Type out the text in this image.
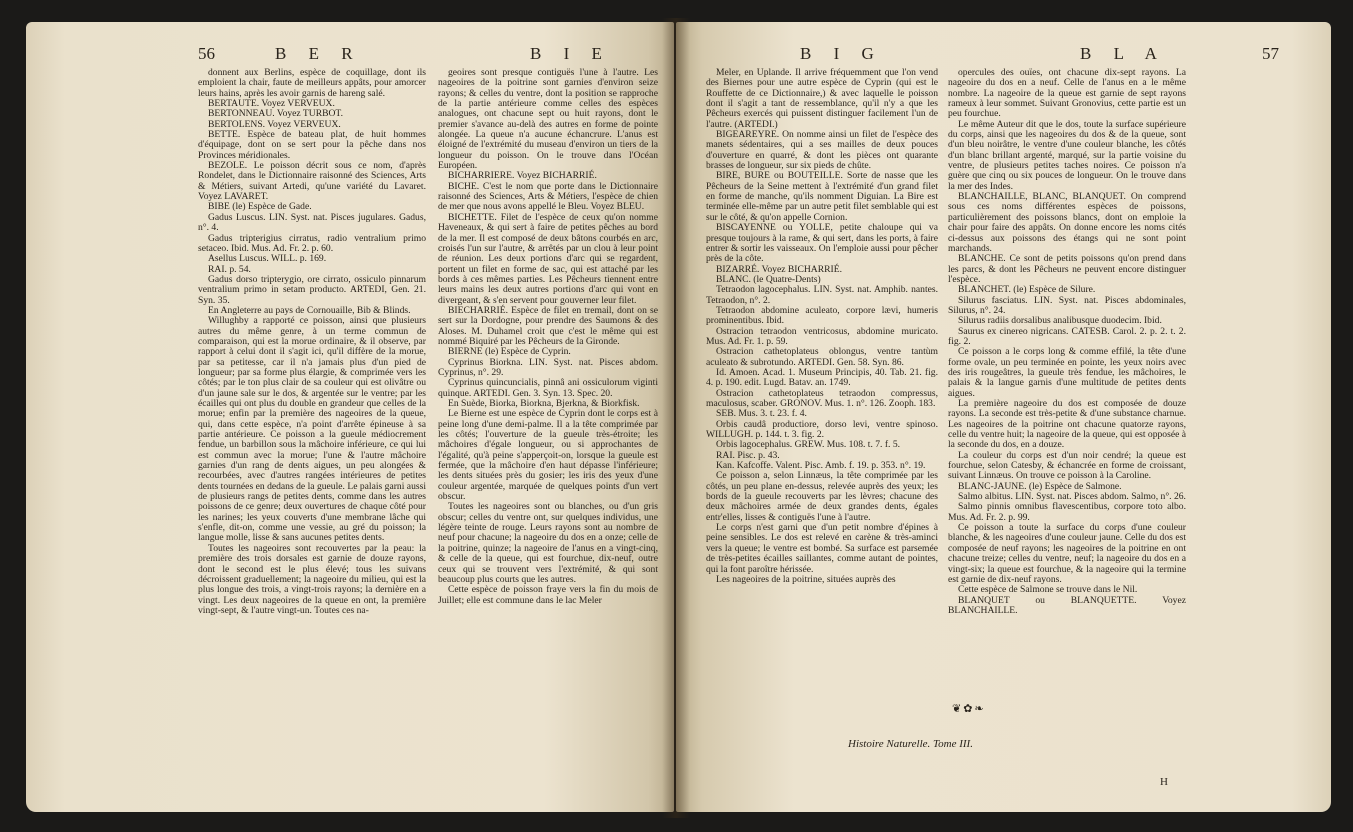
56	B E R	B I E

donnent aux Berlins, espèce de coquillage, dont ils emploient la chair, faute de meilleurs appâts, pour amorcer leurs hains, après les avoir garnis de hareng salé.

BERTAUTE. Voyez VERVEUX.

BERTONNEAU. Voyez TURBOT.

BERTOLENS. Voyez VERVEUX.

BETTE. Espèce de bateau plat, de huit hommes d'équipage, dont on se sert pour la pêche dans nos Provinces méridionales.

BEZOLE. Le poisson décrit sous ce nom, d'après Rondelet, dans le Dictionnaire raisonné des Sciences, Arts & Métiers, suivant Artedi, qu'une variété du Lavaret. Voyez LAVARET.

BIBE (le) Espèce de Gade.

Gadus Luscus. LIN. Syst. nat. Pisces jugulares. Gadus, n°. 4.

Gadus tripterigius cirratus, radio ventralium primo setaceo. Ibid. Mus. Ad. Fr. 2. p. 60.

Asellus Luscus. WILL. p. 169.

RAI. p. 54.

Gadus dorso tripterygio, ore cirrato, ossiculo pinnarum ventralium primo in setam producto. ARTEDI, Gen. 21. Syn. 35.

En Angleterre au pays de Cornouaille, Bib & Blinds.

Willughby a rapporté ce poisson, ainsi que plusieurs autres du même genre, à un terme commun de comparaison, qui est la morue ordinaire, & il observe, par rapport à celui dont il s'agit ici, qu'il diffère de la morue, par sa petitesse, car il n'a jamais plus d'un pied de longueur; par sa forme plus élargie, & comprimée vers les côtés; par le ton plus clair de sa couleur qui est olivâtre ou d'un jaune sale sur le dos, & argentée sur le ventre; par les écailles qui ont plus du double en grandeur que celles de la morue; enfin par la première des nageoires de la queue, qui, dans cette espèce, n'a point d'arrête épineuse à sa partie antérieure. Ce poisson a la gueule médiocrement fendue, un barbillon sous la mâchoire inférieure, ce qui lui est commun avec la morue; l'une & l'autre mâchoire garnies d'un rang de dents aigues, un peu alongées & recourbées, avec d'autres rangées intérieures de petites dents tournées en dedans de la gueule. Le palais garni aussi de plusieurs rangs de petites dents, comme dans les autres poissons de ce genre; deux ouvertures de chaque côté pour les narines; les yeux couverts d'une membrane lâche qui s'enfle, dit-on, comme une vessie, au gré du poisson; la langue molle, lisse & sans aucunes petites dents.

Toutes les nageoires sont recouvertes par la peau: la première des trois dorsales est garnie de douze rayons, dont le second est le plus élevé; tous les suivans décroissent graduellement; la nageoire du milieu, qui est la plus longue des trois, a vingt-trois rayons; la dernière en a vingt. Les deux nageoires de la queue en ont, la première vingt-sept, & l'autre vingt-un. Toutes ces na-

geoires sont presque contiguës l'une à l'autre. Les nageoires de la poitrine sont garnies d'environ seize rayons; & celles du ventre, dont la position se rapproche de la partie antérieure comme celles des espèces analogues, ont chacune sept ou huit rayons, dont le premier s'avance au-delà des autres en forme de pointe alongée. La queue n'a aucune échancrure. L'anus est éloigné de l'extrémité du museau d'environ un tiers de la longueur du poisson. On le trouve dans l'Océan Européen.

BICHARRIERE. Voyez BICHARRIÉ.

BICHE. C'est le nom que porte dans le Dictionnaire raisonné des Sciences, Arts & Métiers, l'espèce de chien de mer que nous avons appellé le Bleu. Voyez BLEU.

BICHETTE. Filet de l'espèce de ceux qu'on nomme Haveneaux, & qui sert à faire de petites pêches au bord de la mer. Il est composé de deux bâtons courbés en arc, croisés l'un sur l'autre, & arrêtés par un clou à leur point de réunion. Les deux portions d'arc qui se regardent, portent un filet en forme de sac, qui est attaché par les bords à ces mêmes parties. Les Pêcheurs tiennent entre leurs mains les deux autres portions d'arc qui vont en divergeant, & s'en servent pour gouverner leur filet.

BIECHARRIÉ. Espèce de filet en tremail, dont on se sert sur la Dordogne, pour prendre des Saumons & des Aloses. M. Duhamel croit que c'est le même qui est nommé Biquiré par les Pêcheurs de la Gironde.

BIERNE (le) Espèce de Cyprin.

Cyprinus Biorkna. LIN. Syst. nat. Pisces abdom. Cyprinus, n°. 29.

Cyprinus quincuncialis, pinnâ ani ossiculorum viginti quinque. ARTEDI. Gen. 3. Syn. 13. Spec. 20.

En Suède, Biorka, Biorkna, Bjerkna, & Biorkfisk.

Le Bierne est une espèce de Cyprin dont le corps est à peine long d'une demi-palme. Il a la tête comprimée par les côtés; l'ouverture de la gueule très-étroite; les mâchoires d'égale longueur, ou si approchantes de l'égalité, qu'à peine s'apperçoit-on, lorsque la gueule est fermée, que la mâchoire d'en haut dépasse l'inférieure; les dents situées près du gosier; les iris des yeux d'une couleur argentée, marquée de quelques points d'un vert obscur.

Toutes les nageoires sont ou blanches, ou d'un gris obscur; celles du ventre ont, sur quelques individus, une légère teinte de rouge. Leurs rayons sont au nombre de neuf pour chacune; la nageoire du dos en a onze; celle de la poitrine, quinze; la nageoire de l'anus en a vingt-cinq, & celle de la queue, qui est fourchue, dix-neuf, outre ceux qui se trouvent vers l'extrémité, & qui sont beaucoup plus courts que les autres.

Cette espèce de poisson fraye vers la fin du mois de Juillet; elle est commune dans le lac Meler

B I G	B L A	57

Meler, en Uplande. Il arrive fréquemment que l'on vend des Biernes pour une autre espèce de Cyprin (qui est le Rouffette de ce Dictionnaire,) & avec laquelle le poisson dont il s'agit a tant de ressemblance, qu'il n'y a que les Pêcheurs exercés qui puissent distinguer facilement l'un de l'autre. (ARTEDI.)

BIGEAREYRE. On nomme ainsi un filet de l'espèce des manets sédentaires, qui a ses mailles de deux pouces d'ouverture en quarré, & dont les pièces ont quarante brasses de longueur, sur six pieds de chûte.

BIRE, BURE ou BOUTEILLE. Sorte de nasse que les Pêcheurs de la Seine mettent à l'extrémité d'un grand filet en forme de manche, qu'ils nomment Diguian. La Bire est terminée elle-même par un autre petit filet semblable qui est sur le côté, & qu'on appelle Cornion.

BISCAYENNE ou YOLLE, petite chaloupe qui va presque toujours à la rame, & qui sert, dans les ports, à faire entrer & sortir les vaisseaux. On l'emploie aussi pour pêcher près de la côte.

BIZARRÉ. Voyez BICHARRIÉ.

BLANC. (le Quatre-Dents)

Tetraodon lagocephalus. LIN. Syst. nat. Amphib. nantes. Tetraodon, n°. 2.

Tetraodon abdomine aculeato, corpore lævi, humeris prominentibus. Ibid.

Ostracion tetraodon ventricosus, abdomine muricato. Mus. Ad. Fr. 1. p. 59.

Ostracion cathetoplateus oblongus, ventre tantùm aculeato & subrotundo. ARTEDI. Gen. 58. Syn. 86.

Id. Amoen. Acad. 1. Museum Principis, 40. Tab. 21. fig. 4. p. 190. edit. Lugd. Batav. an. 1749.

Ostracion cathetoplateus tetraodon compressus, maculosus, scaber. GRONOV. Mus. 1. n°. 126. Zooph. 183.

SEB. Mus. 3. t. 23. f. 4.

Orbis caudâ productiore, dorso levi, ventre spinoso. WILLUGH. p. 144. t. 3. fig. 2.

Orbis lagocephalus. GREW. Mus. 108. t. 7. f. 5.

RAI. Pisc. p. 43.

Kan. Kafcoffe. Valent. Pisc. Amb. f. 19. p. 353. n°. 19.

Ce poisson a, selon Linnæus, la tête comprimée par les côtés, un peu plane en-dessus, relevée auprès des yeux; les bords de la gueule recouverts par les lèvres; chacune des deux mâchoires armée de deux grandes dents, égales entr'elles, lisses & contiguës l'une à l'autre.

Le corps n'est garni que d'un petit nombre d'épines à peine sensibles. Le dos est relevé en carène & très-aminci vers la queue; le ventre est bombé. Sa surface est parsemée de très-petites écailles saillantes, comme autant de pointes, qui la font paroître hérissée.

Les nageoires de la poitrine, situées auprès des

opercules des ouïes, ont chacune dix-sept rayons. La nageoire du dos en a neuf. Celle de l'anus en a le même nombre. La nageoire de la queue est garnie de sept rayons rameux à leur sommet. Suivant Gronovius, cette partie est un peu fourchue.

Le même Auteur dit que le dos, toute la surface supérieure du corps, ainsi que les nageoires du dos & de la queue, sont d'un bleu noirâtre, le ventre d'une couleur blanche, les côtés d'un blanc brillant argenté, marqué, sur la partie voisine du ventre, de plusieurs petites taches noires. Ce poisson n'a guère que cinq ou six pouces de longueur. On le trouve dans la mer des Indes.

BLANCHAILLE, BLANC, BLANQUET. On comprend sous ces noms différentes espèces de poissons, particulièrement des poissons blancs, dont on emploie la chair pour faire des appâts. On donne encore les noms cités ci-dessus aux poissons des étangs qui ne sont point marchands.

BLANCHE. Ce sont de petits poissons qu'on prend dans les parcs, & dont les Pêcheurs ne peuvent encore distinguer l'espèce.

BLANCHET. (le) Espèce de Silure.

Silurus fasciatus. LIN. Syst. nat. Pisces abdominales, Silurus, n°. 24.

Silurus radiis dorsalibus analibusque duodecim. Ibid.

Saurus ex cinereo nigricans. CATESB. Carol. 2. p. 2. t. 2. fig. 2.

Ce poisson a le corps long & comme effilé, la tête d'une forme ovale, un peu terminée en pointe, les yeux noirs avec des iris rougeâtres, la gueule très fendue, les mâchoires, le palais & la langue garnis d'une multitude de petites dents aigues.

La première nageoire du dos est composée de douze rayons. La seconde est très-petite & d'une substance charnue. Les nageoires de la poitrine ont chacune quatorze rayons, celle du ventre huit; la nageoire de la queue, qui est opposée à la seconde du dos, en a douze.

La couleur du corps est d'un noir cendré; la queue est fourchue, selon Catesby, & échancrée en forme de croissant, suivant Linnæus. On trouve ce poisson à la Caroline.

BLANC-JAUNE. (le) Espèce de Salmone.

Salmo albitus. LIN. Syst. nat. Pisces abdom. Salmo, n°. 26.

Salmo pinnis omnibus flavescentibus, corpore toto albo. Mus. Ad. Fr. 2. p. 99.

Ce poisson a toute la surface du corps d'une couleur blanche, & les nageoires d'une couleur jaune. Celle du dos est composée de neuf rayons; les nageoires de la poitrine en ont chacune treize; celles du ventre, neuf; la nageoire du dos en a vingt-six; la queue est fourchue, & la nageoire qui la termine est garnie de dix-neuf rayons.

Cette espèce de Salmone se trouve dans le Nil.

BLANQUET ou BLANQUETTE. Voyez BLANCHAILLE.

Histoire Naturelle. Tome III.
❦✿❧
H
